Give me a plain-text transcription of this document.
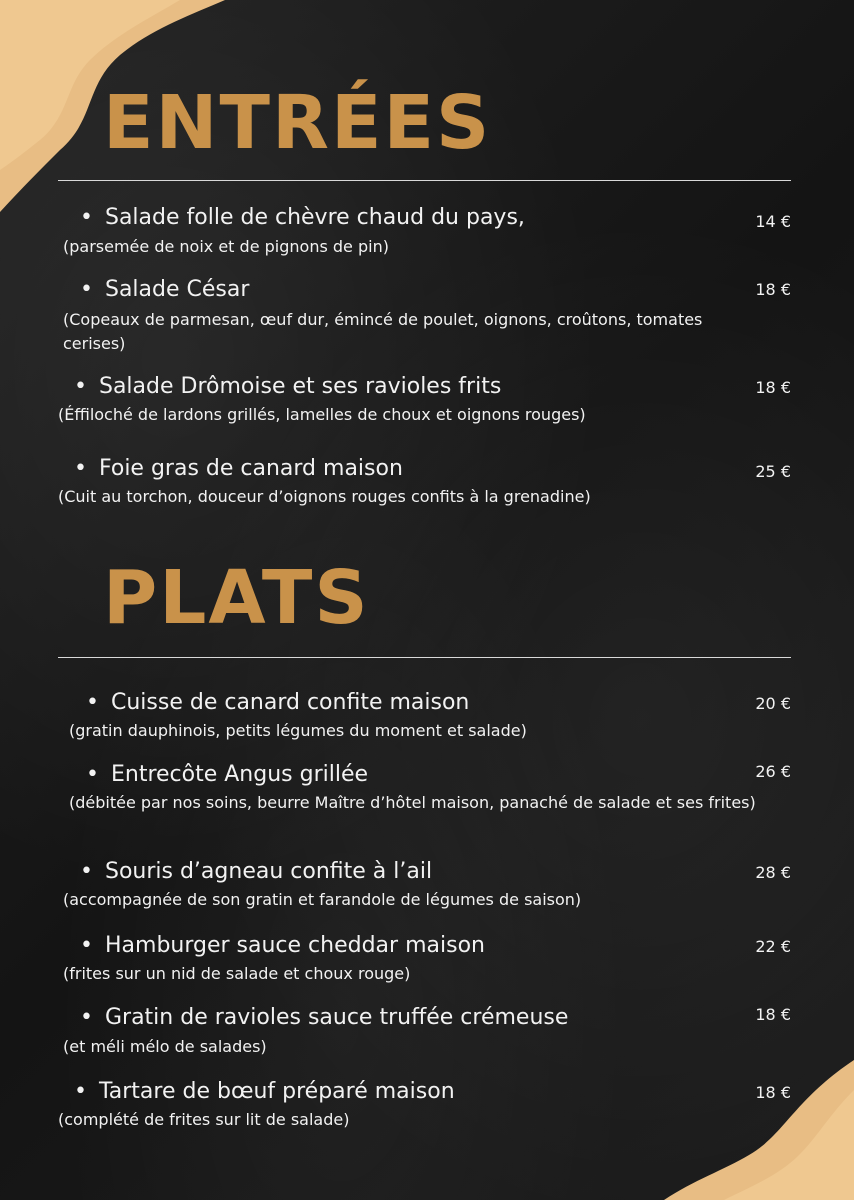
ENTRÉES
• Salade folle de chèvre chaud du pays,	14 €
(parsemée de noix et de pignons de pin)
• Salade César	18 €
(Copeaux de parmesan, œuf dur, émincé de poulet, oignons, croûtons, tomates cerises)
• Salade Drômoise et ses ravioles frits	18 €
(Éffiloché de lardons grillés, lamelles de choux et oignons rouges)
• Foie gras de canard maison	25 €
(Cuit au torchon, douceur d’oignons rouges confits à la grenadine)
PLATS
• Cuisse de canard confite maison	20 €
(gratin dauphinois, petits légumes du moment et salade)
• Entrecôte Angus grillée	26 €
(débitée par nos soins, beurre Maître d’hôtel maison, panaché de salade et ses frites)
• Souris d’agneau confite à l’ail	28 €
(accompagnée de son gratin et farandole de légumes de saison)
• Hamburger sauce cheddar maison	22 €
(frites sur un nid de salade et choux rouge)
• Gratin de ravioles sauce truffée crémeuse	18 €
(et méli mélo de salades)
• Tartare de bœuf préparé maison	18 €
(complété de frites sur lit de salade)
